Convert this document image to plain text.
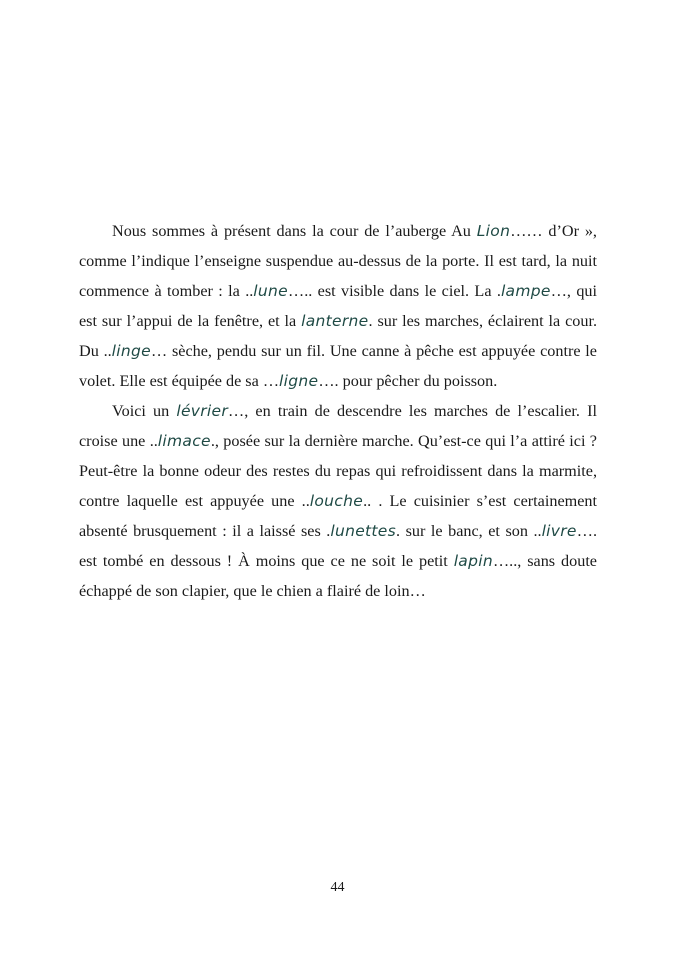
Nous sommes à présent dans la cour de l’auberge Au Lion…… d’Or », comme l’indique l’enseigne suspendue au-dessus de la porte. Il est tard, la nuit commence à tomber : la ..lune….. est visible dans le ciel. La .lampe…, qui est sur l’appui de la fenêtre, et la lanterne. sur les marches, éclairent la cour. Du ..linge… sèche, pendu sur un fil. Une canne à pêche est appuyée contre le volet. Elle est équipée de sa …ligne…. pour pêcher du poisson.

Voici un lévrier…, en train de descendre les marches de l’escalier. Il croise une ..limace., posée sur la dernière marche. Qu’est-ce qui l’a attiré ici ? Peut-être la bonne odeur des restes du repas qui refroidissent dans la marmite, contre laquelle est appuyée une ..louche.. . Le cuisinier s’est certainement absenté brusquement : il a laissé ses .lunettes. sur le banc, et son ..livre…. est tombé en dessous ! À moins que ce ne soit le petit lapin….., sans doute échappé de son clapier, que le chien a flairé de loin…

44
